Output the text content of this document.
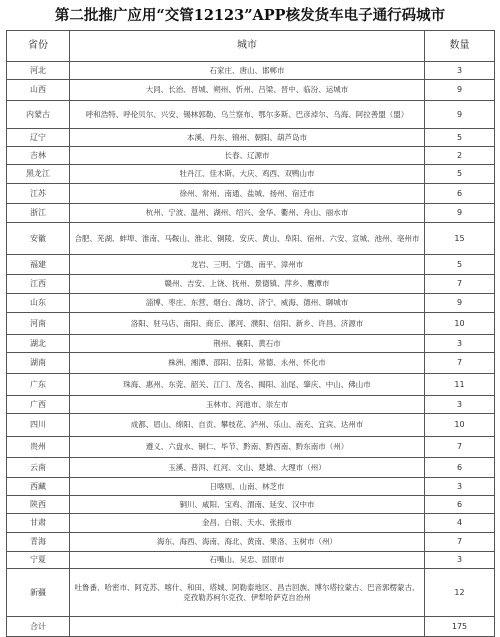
第二批推广应用“交管12123”APP核发货车电子通行码城市
省份	城市	数量
河北	石家庄、唐山、邯郸市	3
山西	大同、长治、晋城、朔州、忻州、吕梁、晋中、临汾、运城市	9
内蒙古	呼和浩特、呼伦贝尔、兴安、锡林郭勒、乌兰察布、鄂尔多斯、巴彦淖尔、乌海、阿拉善盟（盟）	9
辽宁	本溪、丹东、锦州、朝阳、葫芦岛市	5
吉林	长春、辽源市	2
黑龙江	牡丹江、佳木斯、大庆、鸡西、双鸭山市	5
江苏	徐州、常州、南通、盐城、扬州、宿迁市	6
浙江	杭州、宁波、温州、湖州、绍兴、金华、衢州、舟山、丽水市	9
安徽	合肥、芜湖、蚌埠、淮南、马鞍山、淮北、铜陵、安庆、黄山、阜阳、宿州、六安、宣城、池州、亳州市	15
福建	龙岩、三明、宁德、南平、漳州市	5
江西	赣州、吉安、上饶、抚州、景德镇、萍乡、鹰潭市	7
山东	淄博、枣庄、东营、烟台、潍坊、济宁、威海、德州、聊城市	9
河南	洛阳、驻马店、南阳、商丘、漯河、濮阳、信阳、新乡、许昌、济源市	10
湖北	荆州、襄阳、黄石市	3
湖南	株洲、湘潭、邵阳、岳阳、常德、永州、怀化市	7
广东	珠海、惠州、东莞、韶关、江门、茂名、揭阳、汕尾、肇庆、中山、佛山市	11
广西	玉林市、河池市、崇左市	3
四川	成都、眉山、绵阳、自贡、攀枝花、泸州、乐山、南充、宜宾、达州市	10
贵州	遵义、六盘水、铜仁、毕节、黔南、黔西南、黔东南市（州）	7
云南	玉溪、普洱、红河、文山、楚雄、大理市（州）	6
西藏	日喀则、山南、林芝市	3
陕西	铜川、咸阳、宝鸡、渭南、延安、汉中市	6
甘肃	金昌、白银、天水、张掖市	4
青海	海东、海西、海南、海北、黄南、果洛、玉树市（州）	7
宁夏	石嘴山、吴忠、固原市	3
新疆	吐鲁番、哈密市、阿克苏、喀什、和田、塔城、阿勒泰地区、昌吉回族、博尔塔拉蒙古、巴音郭楞蒙古、克孜勒苏柯尔克孜、伊犁哈萨克自治州	12
合计		175
